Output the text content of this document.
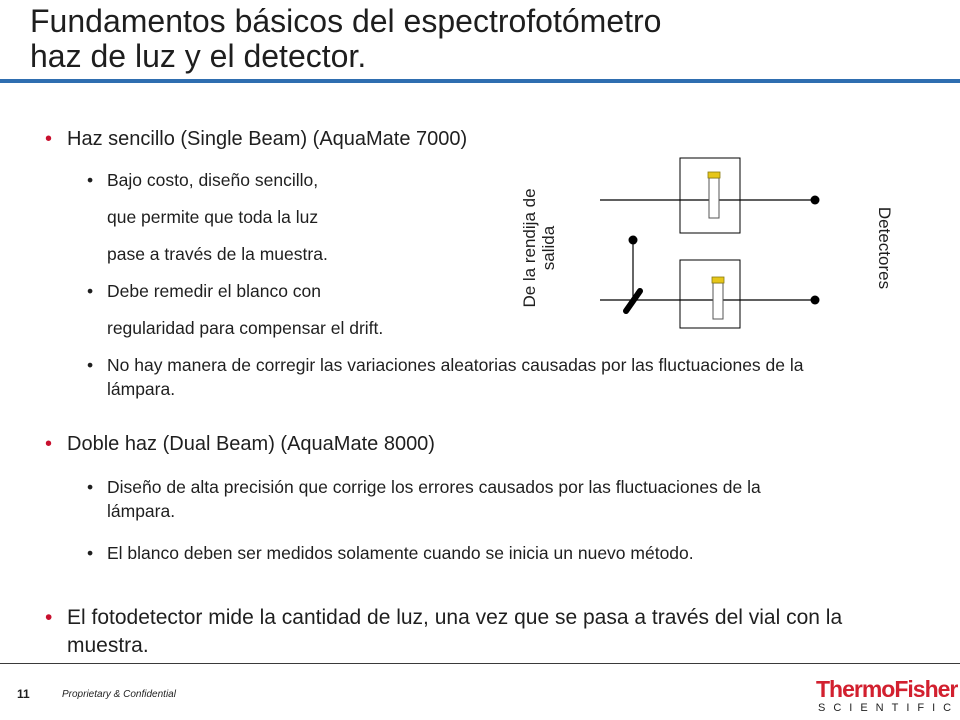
Fundamentos básicos del espectrofotómetro
haz de luz y el detector.
• Haz sencillo (Single Beam) (AquaMate 7000)
• Bajo costo, diseño sencillo,
que permite que toda la luz
pase a través de la muestra.
• Debe remedir el blanco con
regularidad para compensar el drift.
• No hay manera de corregir las variaciones aleatorias causadas por las fluctuaciones de la lámpara.
• Doble haz (Dual Beam) (AquaMate 8000)
• Diseño de alta precisión que corrige los errores causados por las fluctuaciones de la lámpara.
• El blanco deben ser medidos solamente cuando se inicia un nuevo método.
• El fotodetector mide la cantidad de luz, una vez que se pasa a través del vial con la muestra.
De la rendija de
salida	Detectores
11	Proprietary & Confidential	ThermoFisher
SCIENTIFIC
